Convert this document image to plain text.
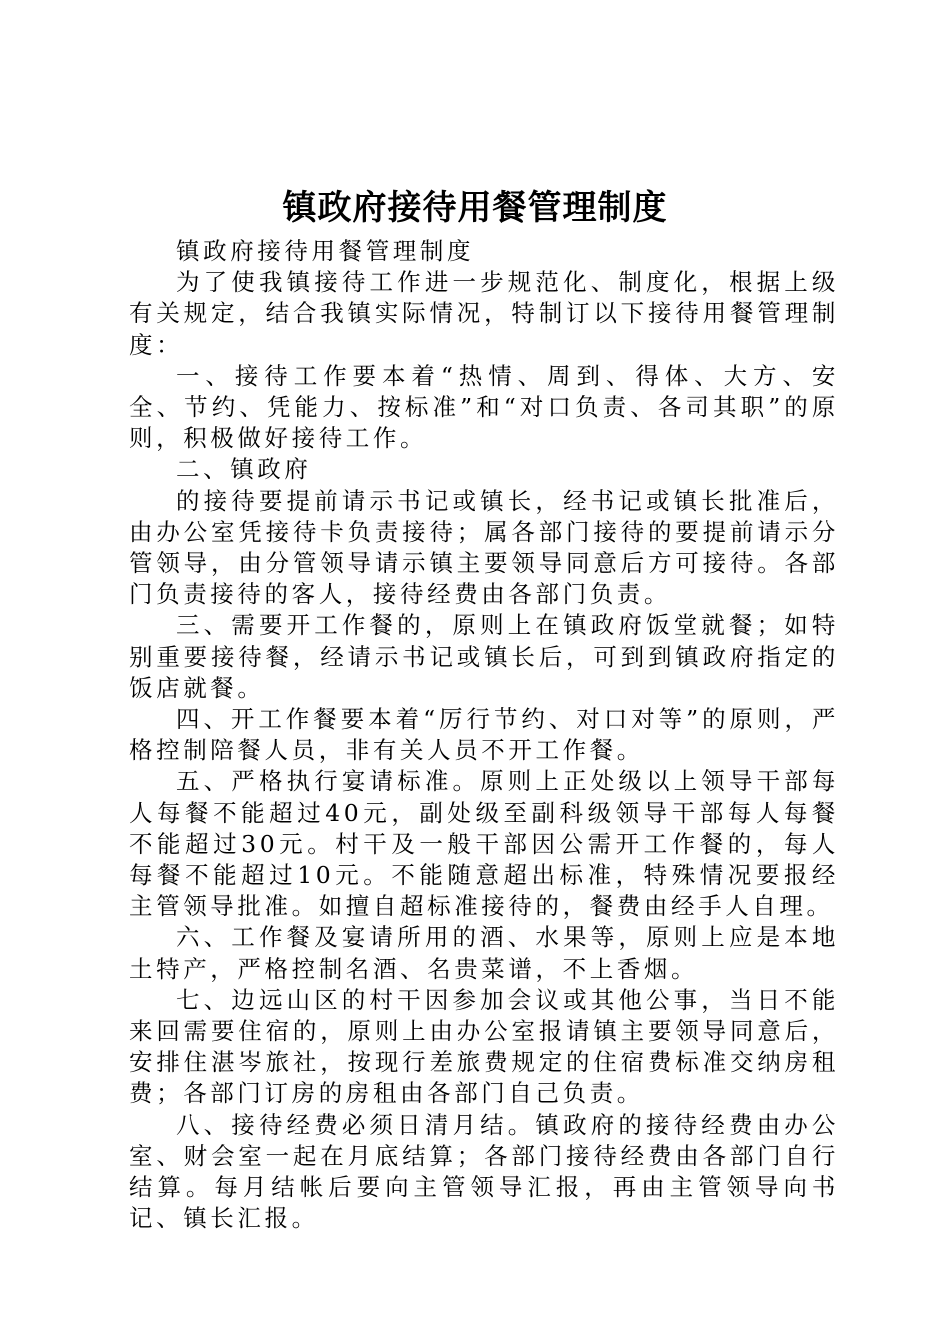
镇政府接待用餐管理制度

镇政府接待用餐管理制度

为了使我镇接待工作进一步规范化、制度化，根据上级有关规定，结合我镇实际情况，特制订以下接待用餐管理制度：

一、接待工作要本着“热情、周到、得体、大方、安全、节约、凭能力、按标准”和“对口负责、各司其职”的原则，积极做好接待工作。

二、镇政府

的接待要提前请示书记或镇长，经书记或镇长批准后，由办公室凭接待卡负责接待；属各部门接待的要提前请示分管领导，由分管领导请示镇主要领导同意后方可接待。各部门负责接待的客人，接待经费由各部门负责。

三、需要开工作餐的，原则上在镇政府饭堂就餐；如特别重要接待餐，经请示书记或镇长后，可到到镇政府指定的饭店就餐。

四、开工作餐要本着“厉行节约、对口对等”的原则，严格控制陪餐人员，非有关人员不开工作餐。

五、严格执行宴请标准。原则上正处级以上领导干部每人每餐不能超过40元，副处级至副科级领导干部每人每餐不能超过30元。村干及一般干部因公需开工作餐的，每人每餐不能超过10元。不能随意超出标准，特殊情况要报经主管领导批准。如擅自超标准接待的，餐费由经手人自理。

六、工作餐及宴请所用的酒、水果等，原则上应是本地土特产，严格控制名酒、名贵菜谱，不上香烟。

七、边远山区的村干因参加会议或其他公事，当日不能来回需要住宿的，原则上由办公室报请镇主要领导同意后，安排住湛岑旅社，按现行差旅费规定的住宿费标准交纳房租费；各部门订房的房租由各部门自己负责。

八、接待经费必须日清月结。镇政府的接待经费由办公室、财会室一起在月底结算；各部门接待经费由各部门自行结算。每月结帐后要向主管领导汇报，再由主管领导向书记、镇长汇报。
